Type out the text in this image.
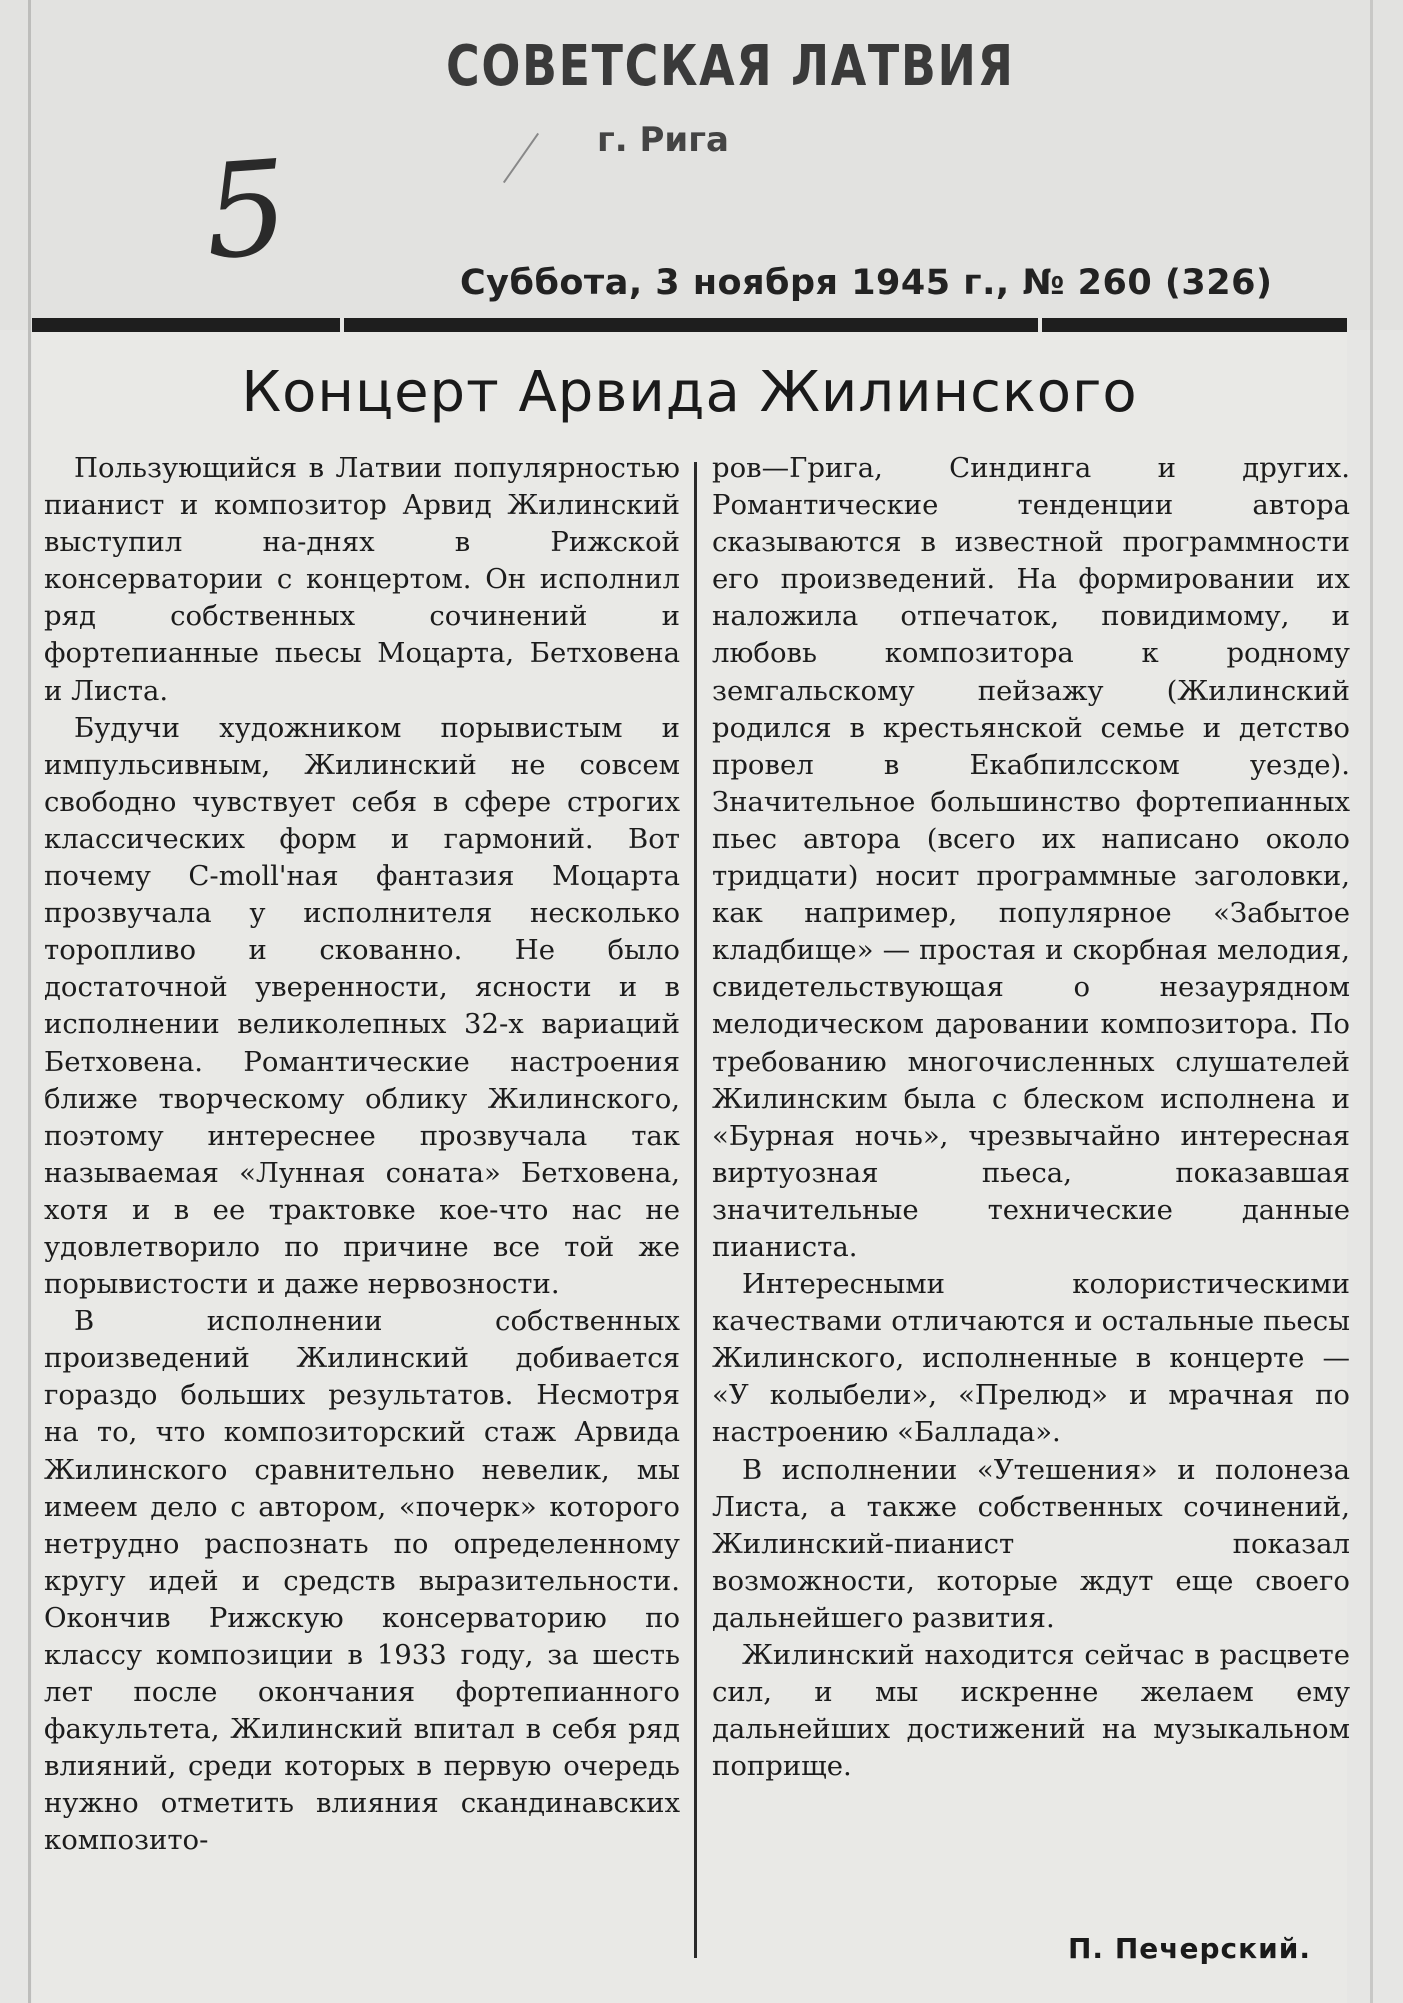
СОВЕТСКАЯ ЛАТВИЯ
г. Рига
5	Суббота, 3 ноября 1945 г., № 260 (326)
Концерт Арвида Жилинского

Пользующийся в Латвии популярностью пианист и композитор Арвид Жилинский выступил на-днях в Рижской консерватории с концертом. Он исполнил ряд собственных сочинений и фортепианные пьесы Моцарта, Бетховена и Листа.

Будучи художником порывистым и импульсивным, Жилинский не совсем свободно чувствует себя в сфере строгих классических форм и гармоний. Вот почему С-moll'ная фантазия Моцарта прозвучала у исполнителя несколько торопливо и скованно. Не было достаточной уверенности, ясности и в исполнении великолепных 32-х вариаций Бетховена. Романтические настроения ближе творческому облику Жилинского, поэтому интереснее прозвучала так называемая «Лунная соната» Бетховена, хотя и в ее трактовке кое-что нас не удовлетворило по причине все той же порывистости и даже нервозности.

В исполнении собственных произведений Жилинский добивается гораздо больших результатов. Несмотря на то, что композиторский стаж Арвида Жилинского сравнительно невелик, мы имеем дело с автором, «почерк» которого нетрудно распознать по определенному кругу идей и средств выразительности. Окончив Рижскую консерваторию по классу композиции в 1933 году, за шесть лет после окончания фортепианного факультета, Жилинский впитал в себя ряд влияний, среди которых в первую очередь нужно отметить влияния скандинавских композито-

ров—Грига, Синдинга и других. Романтические тенденции автора сказываются в известной программности его произведений. На формировании их наложила отпечаток, повидимому, и любовь композитора к родному земгальскому пейзажу (Жилинский родился в крестьянской семье и детство провел в Екабпилсском уезде). Значительное большинство фортепианных пьес автора (всего их написано около тридцати) носит программные заголовки, как например, популярное «Забытое кладбище» — простая и скорбная мелодия, свидетельствующая о незаурядном мелодическом даровании композитора. По требованию многочисленных слушателей Жилинским была с блеском исполнена и «Бурная ночь», чрезвычайно интересная виртуозная пьеса, показавшая значительные технические данные пианиста.

Интересными колористическими качествами отличаются и остальные пьесы Жилинского, исполненные в концерте — «У колыбели», «Прелюд» и мрачная по настроению «Баллада».

В исполнении «Утешения» и полонеза Листа, а также собственных сочинений, Жилинский-пианист показал возможности, которые ждут еще своего дальнейшего развития.

Жилинский находится сейчас в расцвете сил, и мы искренне желаем ему дальнейших достижений на музыкальном поприще.

П. Печерский.
